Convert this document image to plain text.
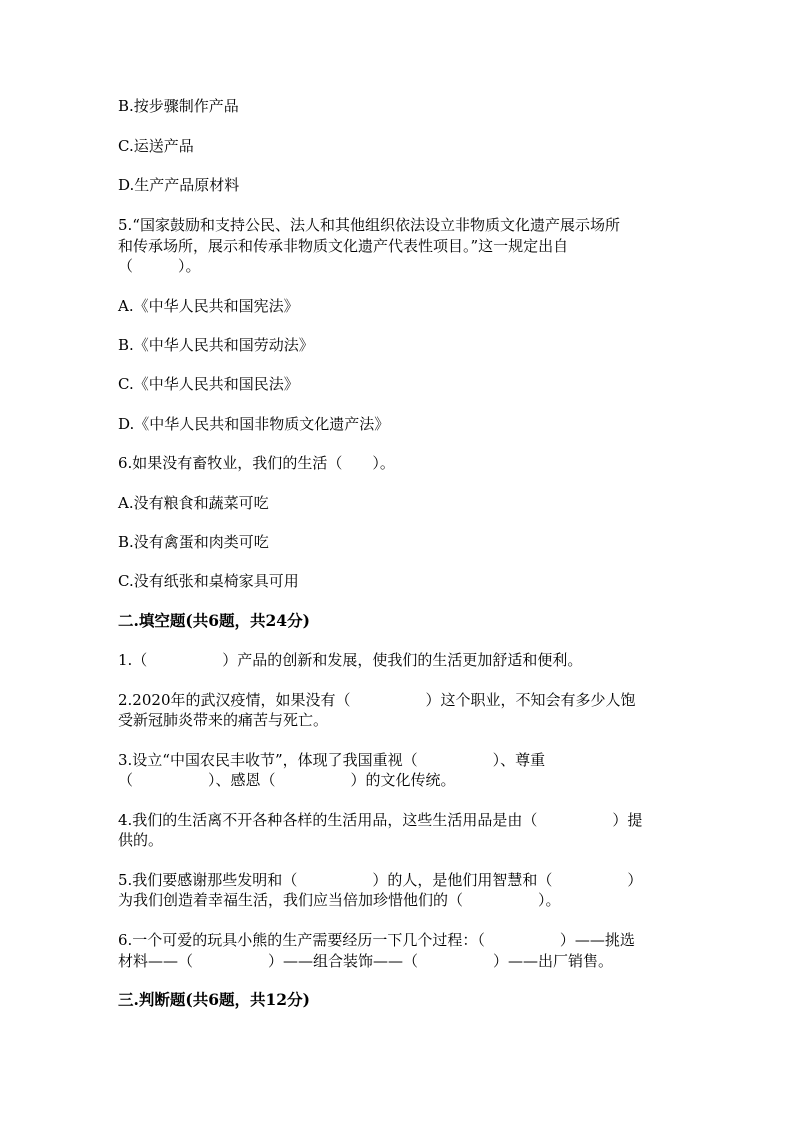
B.按步骤制作产品
C.运送产品
D.生产产品原材料
5.“国家鼓励和支持公民、法人和其他组织依法设立非物质文化遗产展示场所
和传承场所，展示和传承非物质文化遗产代表性项目。”这一规定出自
（　　　）。
A.《中华人民共和国宪法》
B.《中华人民共和国劳动法》
C.《中华人民共和国民法》
D.《中华人民共和国非物质文化遗产法》
6.如果没有畜牧业，我们的生活（　　）。
A.没有粮食和蔬菜可吃
B.没有禽蛋和肉类可吃
C.没有纸张和桌椅家具可用
二.填空题(共6题，共24分)
1.（　　　　　）产品的创新和发展，使我们的生活更加舒适和便利。
2.2020年的武汉疫情，如果没有（　　　　　）这个职业，不知会有多少人饱
受新冠肺炎带来的痛苦与死亡。
3.设立“中国农民丰收节”，体现了我国重视（　　　　　）、尊重
（　　　　　）、感恩（　　　　　）的文化传统。
4.我们的生活离不开各种各样的生活用品，这些生活用品是由（　　　　　）提
供的。
5.我们要感谢那些发明和（　　　　　）的人，是他们用智慧和（　　　　　）
为我们创造着幸福生活，我们应当倍加珍惜他们的（　　　　　）。
6.一个可爱的玩具小熊的生产需要经历一下几个过程：（　　　　　）——挑选
材料——（　　　　　）——组合装饰——（　　　　　）——出厂销售。
三.判断题(共6题，共12分)
